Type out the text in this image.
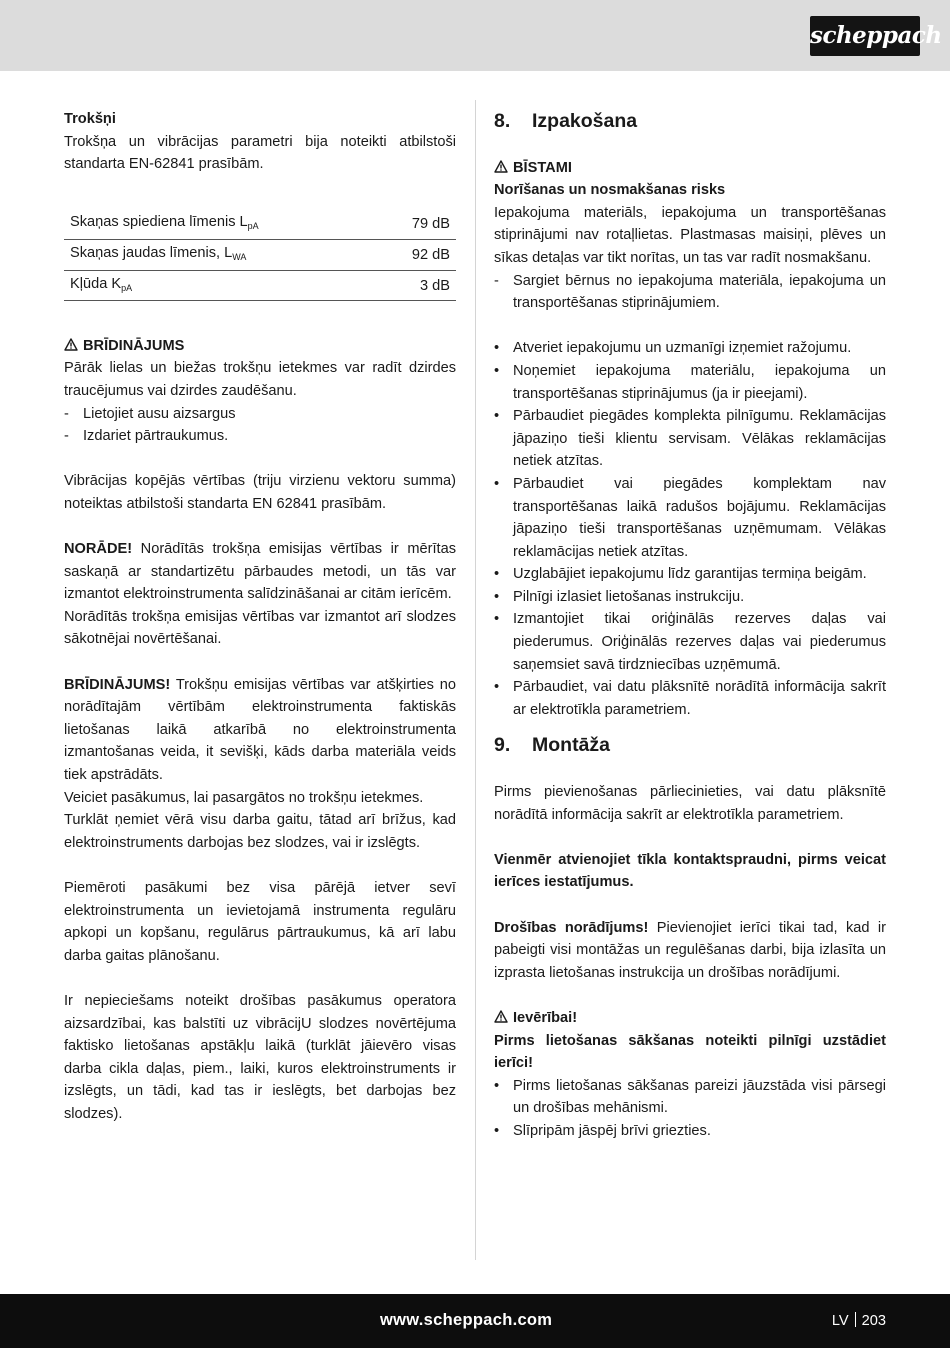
scheppach

Trokšņi

Trokšņa un vibrācijas parametri bija noteikti atbilstoši standarta EN-62841 prasībām.

Skaņas spiediena līmenis $L_{pA}$	79 dB
Skaņas jaudas līmenis, $L_{WA}$	92 dB
Kļūda $K_{pA}$	3 dB

BRĪDINĀJUMS

Pārāk lielas un biežas trokšņu ietekmes var radīt dzirdes traucējumus vai dzirdes zaudēšanu.

- Lietojiet ausu aizsargus
- Izdariet pārtraukumus.

Vibrācijas kopējās vērtības (triju virzienu vektoru summa) noteiktas atbilstoši standarta EN 62841 prasībām.

NORĀDE! Norādītās trokšņa emisijas vērtības ir mērītas saskaņā ar standartizētu pārbaudes metodi, un tās var izmantot elektroinstrumenta salīdzināšanai ar citām ierīcēm.

Norādītās trokšņa emisijas vērtības var izmantot arī slodzes sākotnējai novērtēšanai.

BRĪDINĀJUMS! Trokšņu emisijas vērtības var atšķirties no norādītajām vērtībām elektroinstrumenta faktiskās lietošanas laikā atkarībā no elektroinstrumenta izmantošanas veida, it sevišķi, kāds darba materiāla veids tiek apstrādāts.

Veiciet pasākumus, lai pasargātos no trokšņu ietekmes.

Turklāt ņemiet vērā visu darba gaitu, tātad arī brīžus, kad elektroinstruments darbojas bez slodzes, vai ir izslēgts.

Piemēroti pasākumi bez visa pārējā ietver sevī elektroinstrumenta un ievietojamā instrumenta regulāru apkopi un kopšanu, regulārus pārtraukumus, kā arī labu darba gaitas plānošanu.

Ir nepieciešams noteikt drošības pasākumus operatora aizsardzībai, kas balstīti uz vibrācijU slodzes novērtējuma faktisko lietošanas apstākļu laikā (turklāt jāievēro visas darba cikla daļas, piem., laiki, kuros elektroinstruments ir izslēgts, un tādi, kad tas ir ieslēgts, bet darbojas bez slodzes).

8. Izpakošana

BĪSTAMI

Norīšanas un nosmakšanas risks

Iepakojuma materiāls, iepakojuma un transportēšanas stiprinājumi nav rotaļlietas. Plastmasas maisiņi, plēves un sīkas detaļas var tikt norītas, un tas var radīt nosmakšanu.

- Sargiet bērnus no iepakojuma materiāla, iepakojuma un transportēšanas stiprinājumiem.
• Atveriet iepakojumu un uzmanīgi izņemiet ražojumu.
• Noņemiet iepakojuma materiālu, iepakojuma un transportēšanas stiprinājumus (ja ir pieejami).
• Pārbaudiet piegādes komplekta pilnīgumu. Reklamācijas jāpaziņo tieši klientu servisam. Vēlākas reklamācijas netiek atzītas.
• Pārbaudiet vai piegādes komplektam nav transportēšanas laikā radušos bojājumu. Reklamācijas jāpaziņo tieši transportēšanas uzņēmumam. Vēlākas reklamācijas netiek atzītas.
• Uzglabājiet iepakojumu līdz garantijas termiņa beigām.
• Pilnīgi izlasiet lietošanas instrukciju.
• Izmantojiet tikai oriģinālās rezerves daļas vai piederumus. Oriģinālās rezerves daļas vai piederumus saņemsiet savā tirdzniecības uzņēmumā.
• Pārbaudiet, vai datu plāksnītē norādītā informācija sakrīt ar elektrotīkla parametriem.
9. Montāža

Pirms pievienošanas pārliecinieties, vai datu plāksnītē norādītā informācija sakrīt ar elektrotīkla parametriem.

Vienmēr atvienojiet tīkla kontaktspraudni, pirms veicat ierīces iestatījumus.

Drošības norādījums! Pievienojiet ierīci tikai tad, kad ir pabeigti visi montāžas un regulēšanas darbi, bija izlasīta un izprasta lietošanas instrukcija un drošības norādījumi.

Ievērībai!

Pirms lietošanas sākšanas noteikti pilnīgi uzstādiet ierīci!

• Pirms lietošanas sākšanas pareizi jāuzstāda visi pārsegi un drošības mehānismi.
• Slīpripām jāspēj brīvi griezties.
www.scheppach.com	LV 203
